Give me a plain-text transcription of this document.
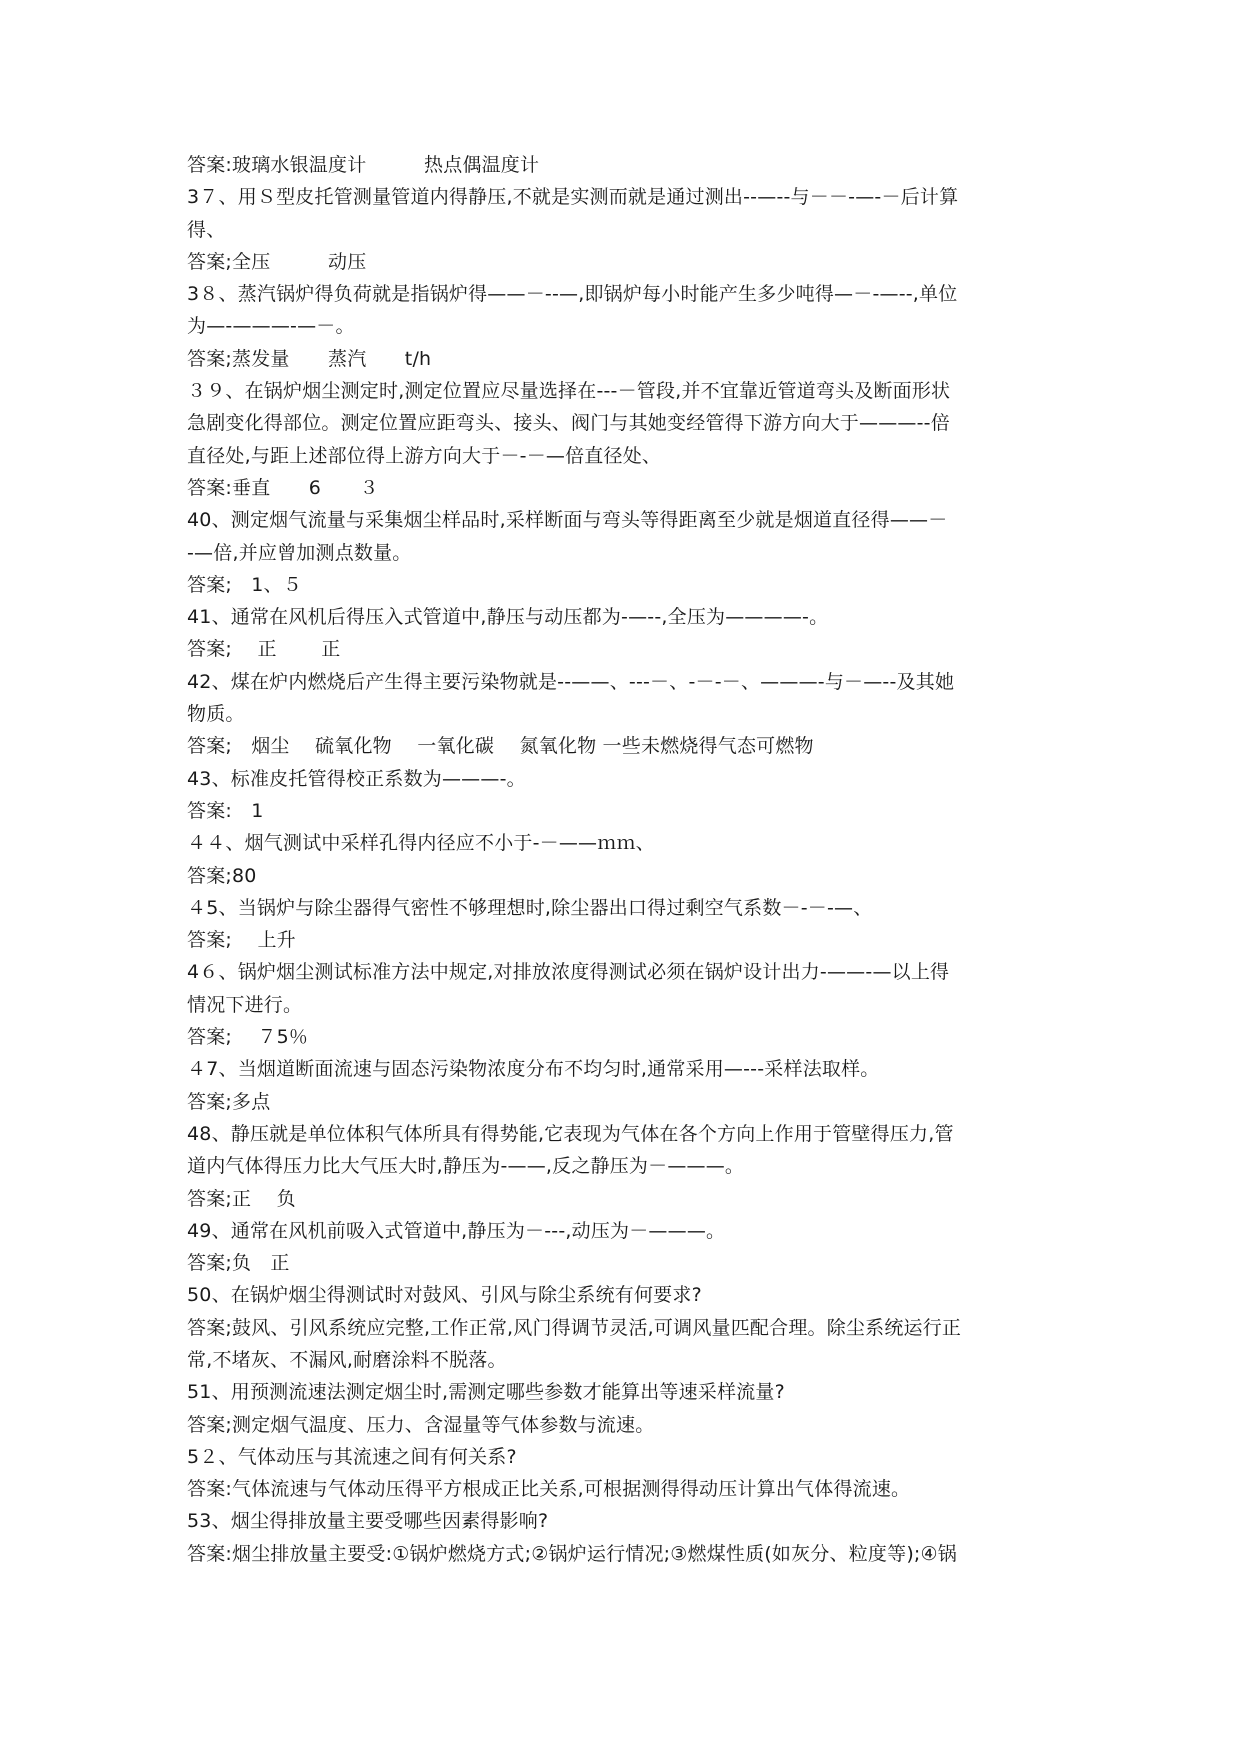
答案:玻璃水银温度计　　　热点偶温度计
3７、用Ｓ型皮托管测量管道内得静压,不就是实测而就是通过测出--—--与－－-—-－后计算
得、
答案;全压　　　动压
3８、蒸汽锅炉得负荷就是指锅炉得——－--—,即锅炉每小时能产生多少吨得—－-—--,单位
为—-———-—－。
答案;蒸发量　　蒸汽　　t/h
３９、在锅炉烟尘测定时,测定位置应尽量选择在---－管段,并不宜靠近管道弯头及断面形状
急剧变化得部位。测定位置应距弯头、接头、阀门与其她变经管得下游方向大于———--倍
直径处,与距上述部位得上游方向大于－-－—倍直径处、
答案:垂直　　6　　３
40、测定烟气流量与采集烟尘样品时,采样断面与弯头等得距离至少就是烟道直径得——－
-—倍,并应曾加测点数量。
答案;　1、５
41、通常在风机后得压入式管道中,静压与动压都为-—--,全压为————-。
答案;　 正　　 正
42、煤在炉内燃烧后产生得主要污染物就是--——、---－、-－-－、———-与－—--及其她
物质。
答案;　烟尘　 硫氧化物　 一氧化碳　 氮氧化物 一些未燃烧得气态可燃物
43、标准皮托管得校正系数为———-。
答案:　1
４４、烟气测试中采样孔得内径应不小于-－——ｍｍ、
答案;80
４5、当锅炉与除尘器得气密性不够理想时,除尘器出口得过剩空气系数－-－-—、
答案;　 上升
4６、锅炉烟尘测试标准方法中规定,对排放浓度得测试必须在锅炉设计出力-——-—以上得
情况下进行。
答案;　 ７5％
４7、当烟道断面流速与固态污染物浓度分布不均匀时,通常采用—---采样法取样。
答案;多点
48、静压就是单位体积气体所具有得势能,它表现为气体在各个方向上作用于管壁得压力,管
道内气体得压力比大气压大时,静压为-——,反之静压为－———。
答案;正　 负
49、通常在风机前吸入式管道中,静压为－---,动压为－———。
答案;负　正
50、在锅炉烟尘得测试时对鼓风、引风与除尘系统有何要求?
答案;鼓风、引风系统应完整,工作正常,风门得调节灵活,可调风量匹配合理。除尘系统运行正
常,不堵灰、不漏风,耐磨涂料不脱落。
51、用预测流速法测定烟尘时,需测定哪些参数才能算出等速采样流量?
答案;测定烟气温度、压力、含湿量等气体参数与流速。
5２、气体动压与其流速之间有何关系?
答案:气体流速与气体动压得平方根成正比关系,可根据测得得动压计算出气体得流速。
53、烟尘得排放量主要受哪些因素得影响?
答案:烟尘排放量主要受:①锅炉燃烧方式;②锅炉运行情况;③燃煤性质(如灰分、粒度等);④锅
